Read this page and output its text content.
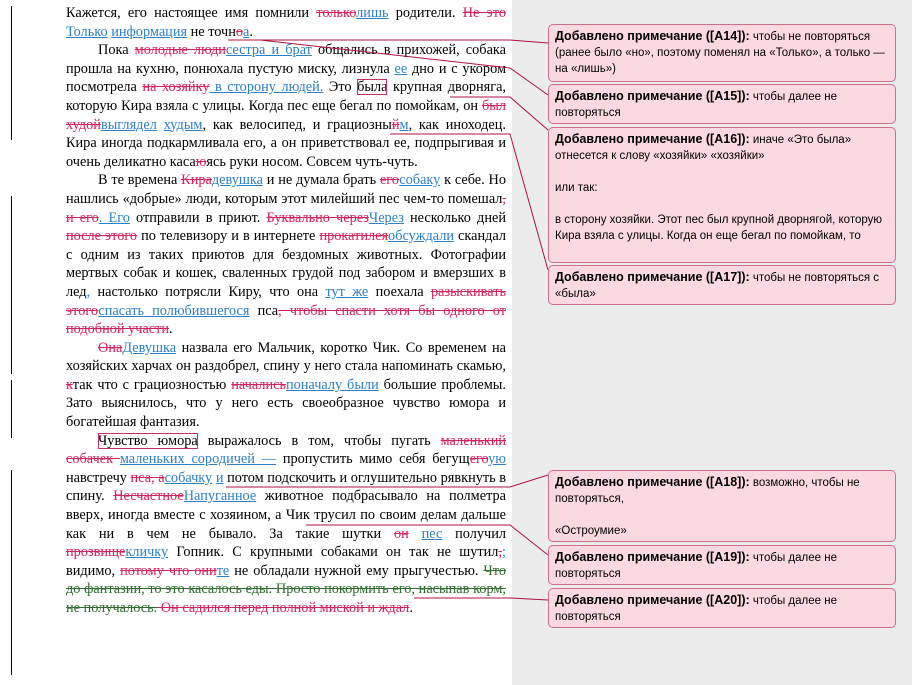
Кажется, его настоящее имя помнили тольколишь родители. Не это Только информация не точноа.

Пока молодые людисестра и брат общались в прихожей, собака прошла на кухню, понюхала пустую миску, лизнула ее дно и с укором посмотрела на хозяйку в сторону людей. Это была крупная дворняга, которую Кира взяла с улицы. Когда пес еще бегал по помойкам, он был худойвыглядел худым, как велосипед, и грациозныйм, как иноходец. Кира иногда подкармливала его, а он приветствовал ее, подпрыгивая и очень деликатно касаюясь руки носом. Совсем чуть-чуть.

В те времена Кирадевушка и не думала брать егособаку к себе. Но нашлись «добрые» люди, которым этот милейший пес чем-то помешал, и его. Его отправили в приют. Буквально черезЧерез несколько дней после этого по телевизору и в интернете прокатилеяобсуждали скандал с одним из таких приютов для бездомных животных. Фотографии мертвых собак и кошек, сваленных грудой под забором и вмерзших в лед, настолько потрясли Киру, что она тут же поехала разыскивать этогоспасать полюбившегося пса, чтобы спасти хотя бы одного от подобной участи.

ОнаДевушка назвала его Мальчик, коротко Чик. Со временем на хозяйских харчах он раздобрел, спину у него стала напоминать скамью, ктак что с грациозностью началисьпоначалу были большие проблемы. Зато выяснилось, что у него есть своеобразное чувство юмора и богатейшая фантазия.

Чувство юмора выражалось в том, чтобы пугать маленький собачек маленьких сородичей — пропустить мимо себя бегущегоую навстречу пса, асобачку и потом подскочить и оглушительно рявкнуть в спину. НесчастноеНапуганное животное подбрасывало на полметра вверх, иногда вместе с хозяином, а Чик трусил по своим делам дальше как ни в чем не бывало. За такие шутки он пес получил прозвищекличку Гопник. С крупными собаками он так не шутил,; видимо, потому что оните не обладали нужной ему прыгучестью. Что до фантазии, то это касалось еды. Просто покормить его, насыпав корм, не получалось. Он садился перед полной миской и ждал.

Добавлено примечание ([A14]): чтобы не повторяться (ранее было «но», поэтому поменял на «Только», а только — на «лишь»)
Добавлено примечание ([A15]): чтобы далее не повторяться
Добавлено примечание ([A16]): иначе «Это была» отнесется к слову «хозяйки» «хозяйки»

или так:

в сторону хозяйки. Этот пес был крупной дворнягой, которую Кира взяла с улицы. Когда он еще бегал по помойкам, то
Добавлено примечание ([A17]): чтобы не повторяться с «была»
Добавлено примечание ([A18]): возможно, чтобы не повторяться,

«Остроумие»
Добавлено примечание ([A19]): чтобы далее не повторяться
Добавлено примечание ([A20]): чтобы далее не повторяться
